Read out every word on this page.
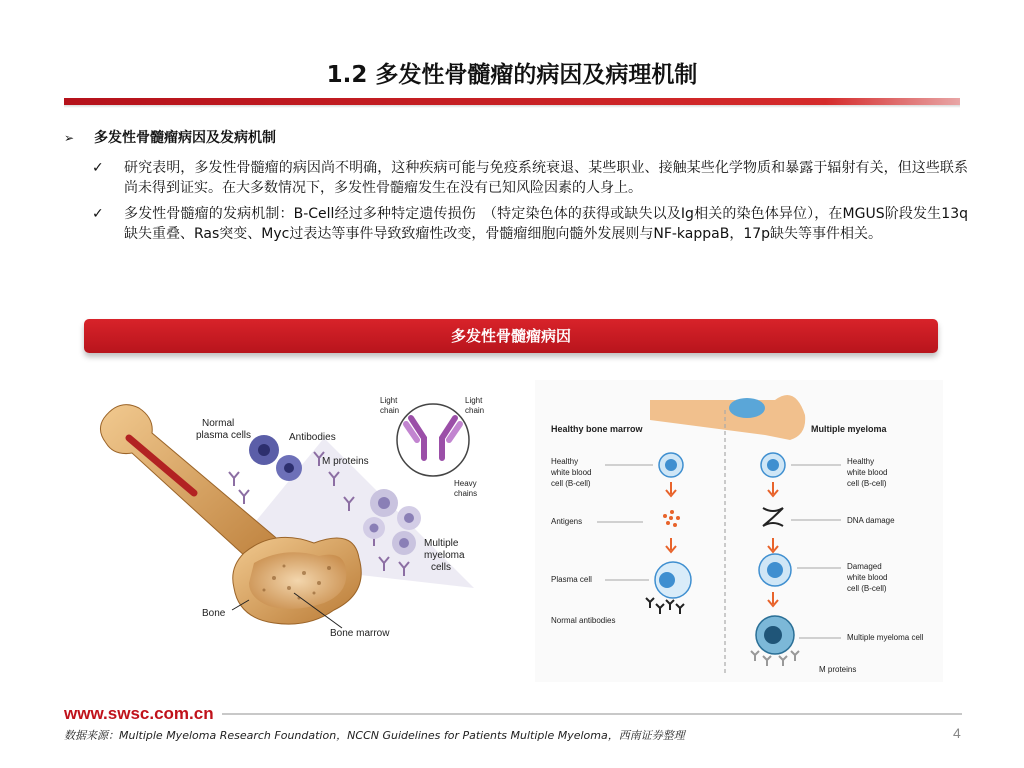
1.2 多发性骨髓瘤的病因及病理机制
➢	多发性骨髓瘤病因及发病机制
✓	研究表明，多发性骨髓瘤的病因尚不明确，这种疾病可能与免疫系统衰退、某些职业、接触某些化学物质和暴露于辐射有关，但这些联系尚未得到证实。在大多数情况下，多发性骨髓瘤发生在没有已知风险因素的人身上。
✓	多发性骨髓瘤的发病机制：B-Cell经过多种特定遗传损伤　（特定染色体的获得或缺失以及Ig相关的染色体异位），在MGUS阶段发生13q缺失重叠、Ras突变、Myc过表达等事件导致致瘤性改变，骨髓瘤细胞向髓外发展则与NF-kappaB，17p缺失等事件相关。
多发性骨髓瘤病因
Normal
plasma cells	Antibodies
M proteins
Light
chain
Light
chain
Heavy
chains
Multiple
myeloma
cells
Bone
Bone marrow
Healthy bone marrow	Multiple myeloma
Healthy
white blood
cell (B-cell)
Antigens
Plasma cell
Normal antibodies
Healthy
white blood
cell (B-cell)
DNA damage
Damaged
white blood
cell (B-cell)
Multiple myeloma cell
M proteins
www.swsc.com.cn
数据来源：Multiple Myeloma Research Foundation，NCCN Guidelines for Patients Multiple Myeloma，西南证券整理	4
